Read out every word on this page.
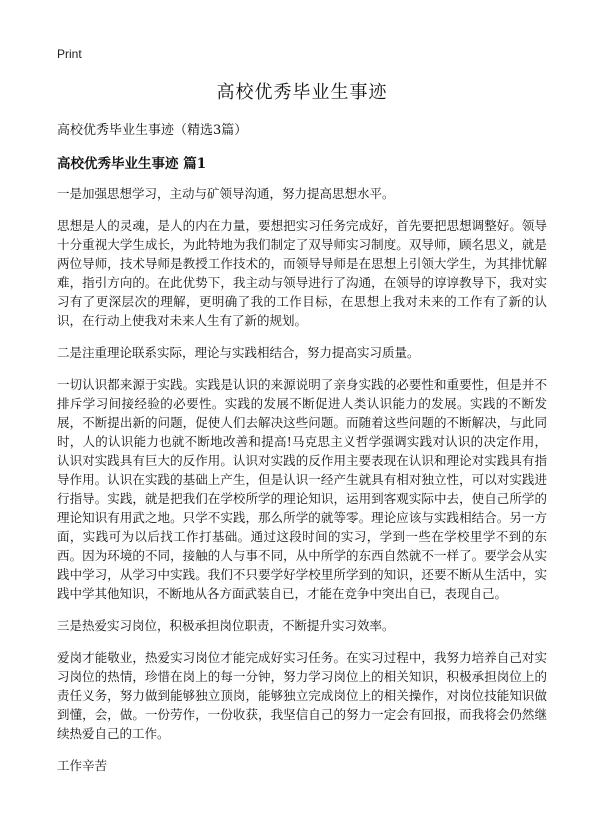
Print
高校优秀毕业生事迹

高校优秀毕业生事迹（精选3篇）

高校优秀毕业生事迹 篇1

一是加强思想学习，主动与矿领导沟通，努力提高思想水平。

思想是人的灵魂，是人的内在力量，要想把实习任务完成好，首先要把思想调整好。领导十分重视大学生成长，为此特地为我们制定了双导师实习制度。双导师，顾名思义，就是两位导师，技术导师是教授工作技术的，而领导导师是在思想上引领大学生，为其排忧解难，指引方向的。在此优势下，我主动与领导进行了沟通，在领导的谆谆教导下，我对实习有了更深层次的理解，更明确了我的工作目标，在思想上我对未来的工作有了新的认识，在行动上使我对未来人生有了新的规划。

二是注重理论联系实际，理论与实践相结合，努力提高实习质量。

一切认识都来源于实践。实践是认识的来源说明了亲身实践的必要性和重要性，但是并不排斥学习间接经验的必要性。实践的发展不断促进人类认识能力的发展。实践的不断发展，不断提出新的问题，促使人们去解决这些问题。而随着这些问题的不断解决，与此同时，人的认识能力也就不断地改善和提高!马克思主义哲学强调实践对认识的决定作用，认识对实践具有巨大的反作用。认识对实践的反作用主要表现在认识和理论对实践具有指导作用。认识在实践的基础上产生，但是认识一经产生就具有相对独立性，可以对实践进行指导。实践，就是把我们在学校所学的理论知识，运用到客观实际中去，使自己所学的理论知识有用武之地。只学不实践，那么所学的就等零。理论应该与实践相结合。另一方面，实践可为以后找工作打基础。通过这段时间的实习，学到一些在学校里学不到的东西。因为环境的不同，接触的人与事不同，从中所学的东西自然就不一样了。要学会从实践中学习，从学习中实践。我们不只要学好学校里所学到的知识，还要不断从生活中，实践中学其他知识，不断地从各方面武装自已，才能在竞争中突出自已，表现自己。

三是热爱实习岗位，积极承担岗位职责，不断提升实习效率。

爱岗才能敬业，热爱实习岗位才能完成好实习任务。在实习过程中，我努力培养自己对实习岗位的热情，珍惜在岗上的每一分钟，努力学习岗位上的相关知识，积极承担岗位上的责任义务，努力做到能够独立顶岗，能够独立完成岗位上的相关操作，对岗位技能知识做到懂，会，做。一份劳作，一份收获，我坚信自己的努力一定会有回报，而我将会仍然继续热爱自己的工作。

工作辛苦
